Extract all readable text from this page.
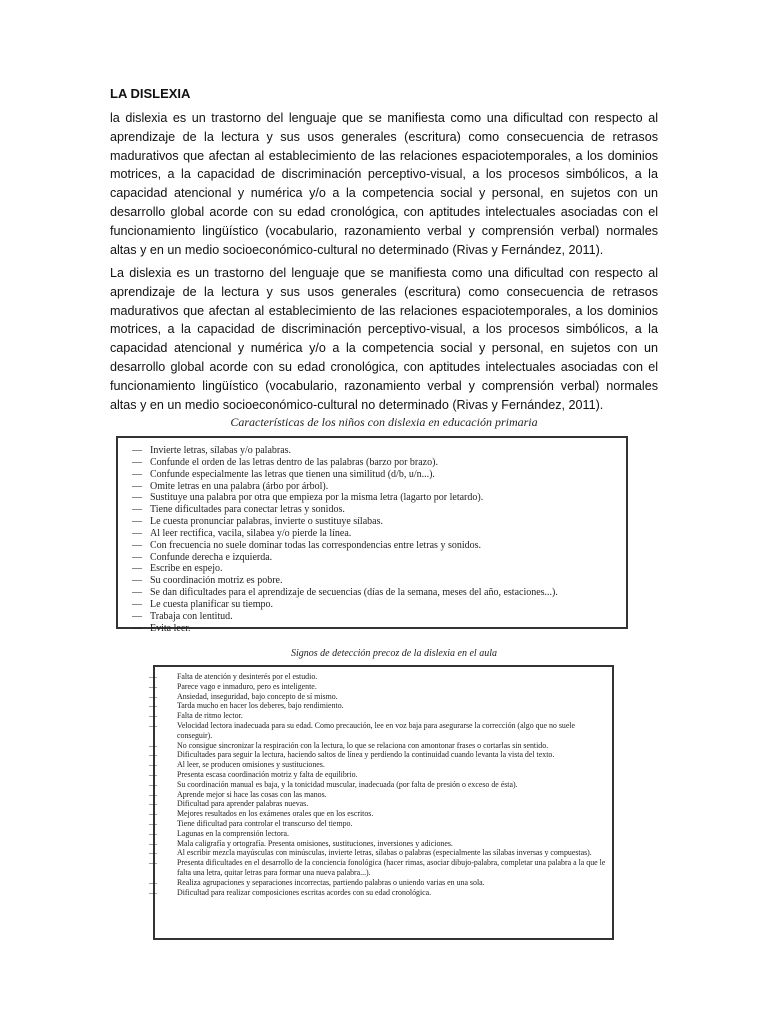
LA DISLEXIA

la dislexia es un trastorno del lenguaje que se manifiesta como una dificultad con respecto al aprendizaje de la lectura y sus usos generales (escritura) como consecuencia de retrasos madurativos que afectan al establecimiento de las relaciones espaciotemporales, a los dominios motrices, a la capacidad de discriminación perceptivo-visual, a los procesos simbólicos, a la capacidad atencional y numérica y/o a la competencia social y personal, en sujetos con un desarrollo global acorde con su edad cronológica, con aptitudes intelectuales asociadas con el funcionamiento lingüístico (vocabulario, razonamiento verbal y comprensión verbal) normales altas y en un medio socioeconómico-cultural no determinado (Rivas y Fernández, 2011).

La dislexia es un trastorno del lenguaje que se manifiesta como una dificultad con respecto al aprendizaje de la lectura y sus usos generales (escritura) como consecuencia de retrasos madurativos que afectan al establecimiento de las relaciones espaciotemporales, a los dominios motrices, a la capacidad de discriminación perceptivo-visual, a los procesos simbólicos, a la capacidad atencional y numérica y/o a la competencia social y personal, en sujetos con un desarrollo global acorde con su edad cronológica, con aptitudes intelectuales asociadas con el funcionamiento lingüístico (vocabulario, razonamiento verbal y comprensión verbal) normales altas y en un medio socioeconómico-cultural no determinado (Rivas y Fernández, 2011).

Características de los niños con dislexia en educación primaria
— Invierte letras, sílabas y/o palabras.
— Confunde el orden de las letras dentro de las palabras (barzo por brazo).
— Confunde especialmente las letras que tienen una similitud (d/b, u/n...).
— Omite letras en una palabra (árbo por árbol).
— Sustituye una palabra por otra que empieza por la misma letra (lagarto por letardo).
— Tiene dificultades para conectar letras y sonidos.
— Le cuesta pronunciar palabras, invierte o sustituye sílabas.
— Al leer rectifica, vacila, silabea y/o pierde la línea.
— Con frecuencia no suele dominar todas las correspondencias entre letras y sonidos.
— Confunde derecha e izquierda.
— Escribe en espejo.
— Su coordinación motriz es pobre.
— Se dan dificultades para el aprendizaje de secuencias (días de la semana, meses del año, estaciones...).
— Le cuesta planificar su tiempo.
— Trabaja con lentitud.
— Evita leer.
Signos de detección precoz de la dislexia en el aula
—	Falta de atención y desinterés por el estudio.
—	Parece vago e inmaduro, pero es inteligente.
—	Ansiedad, inseguridad, bajo concepto de sí mismo.
—	Tarda mucho en hacer los deberes, bajo rendimiento.
—	Falta de ritmo lector.
—	Velocidad lectora inadecuada para su edad. Como precaución, lee en voz baja para asegurarse la corrección (algo que no suele conseguir).
—	No consigue sincronizar la respiración con la lectura, lo que se relaciona con amontonar frases o cortarlas sin sentido.
—	Dificultades para seguir la lectura, haciendo saltos de línea y perdiendo la continuidad cuando levanta la vista del texto.
—	Al leer, se producen omisiones y sustituciones.
—	Presenta escasa coordinación motriz y falta de equilibrio.
—	Su coordinación manual es baja, y la tonicidad muscular, inadecuada (por falta de presión o exceso de ésta).
—	Aprende mejor si hace las cosas con las manos.
—	Dificultad para aprender palabras nuevas.
—	Mejores resultados en los exámenes orales que en los escritos.
—	Tiene dificultad para controlar el transcurso del tiempo.
—	Lagunas en la comprensión lectora.
—	Mala caligrafía y ortografía. Presenta omisiones, sustituciones, inversiones y adiciones.
—	Al escribir mezcla mayúsculas con minúsculas, invierte letras, sílabas o palabras (especialmente las sílabas inversas y compuestas).
—	Presenta dificultades en el desarrollo de la conciencia fonológica (hacer rimas, asociar dibujo-palabra, completar una palabra a la que le falta una letra, quitar letras para formar una nueva palabra...).
—	Realiza agrupaciones y separaciones incorrectas, partiendo palabras o uniendo varias en una sola.
—	Dificultad para realizar composiciones escritas acordes con su edad cronológica.
